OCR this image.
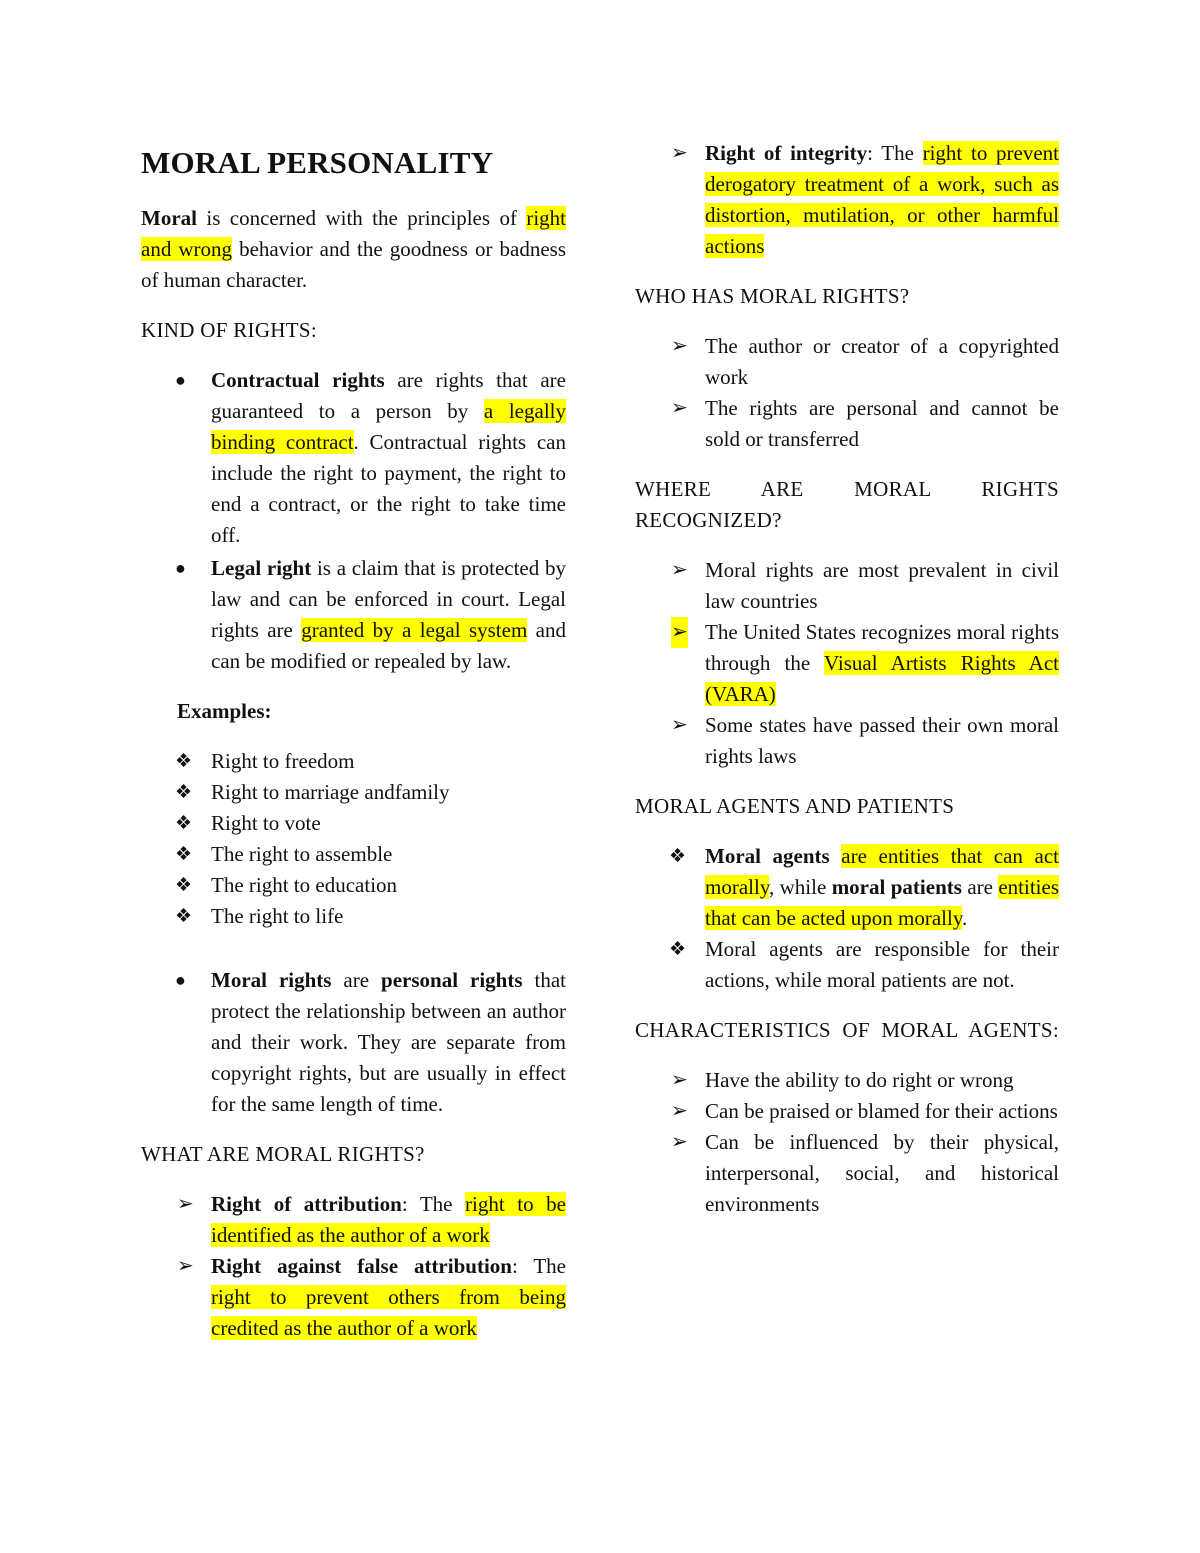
MORAL PERSONALITY

Moral is concerned with the principles of right and wrong behavior and the goodness or badness of human character.

KIND OF RIGHTS:
● Contractual rights are rights that are guaranteed to a person by a legally binding contract. Contractual rights can include the right to payment, the right to end a contract, or the right to take time off.
● Legal right is a claim that is protected by law and can be enforced in court. Legal rights are granted by a legal system and can be modified or repealed by law.
Examples:
❖ Right to freedom
❖ Right to marriage andfamily
❖ Right to vote
❖ The right to assemble
❖ The right to education
❖ The right to life
● Moral rights are personal rights that protect the relationship between an author and their work. They are separate from copyright rights, but are usually in effect for the same length of time.
WHAT ARE MORAL RIGHTS?
➢ Right of attribution: The right to be identified as the author of a work
➢ Right against false attribution: The right to prevent others from being credited as the author of a work
➢ Right of integrity: The right to prevent derogatory treatment of a work, such as distortion, mutilation, or other harmful actions
WHO HAS MORAL RIGHTS?
➢ The author or creator of a copyrighted work
➢ The rights are personal and cannot be sold or transferred
WHERE ARE MORAL RIGHTS RECOGNIZED?
➢ Moral rights are most prevalent in civil law countries
➢ The United States recognizes moral rights through the Visual Artists Rights Act (VARA)
➢ Some states have passed their own moral rights laws
MORAL AGENTS AND PATIENTS
❖ Moral agents are entities that can act morally, while moral patients are entities that can be acted upon morally.
❖ Moral agents are responsible for their actions, while moral patients are not.
CHARACTERISTICS OF MORAL AGENTS:
➢ Have the ability to do right or wrong
➢ Can be praised or blamed for their actions
➢ Can be influenced by their physical, interpersonal, social, and historical environments
